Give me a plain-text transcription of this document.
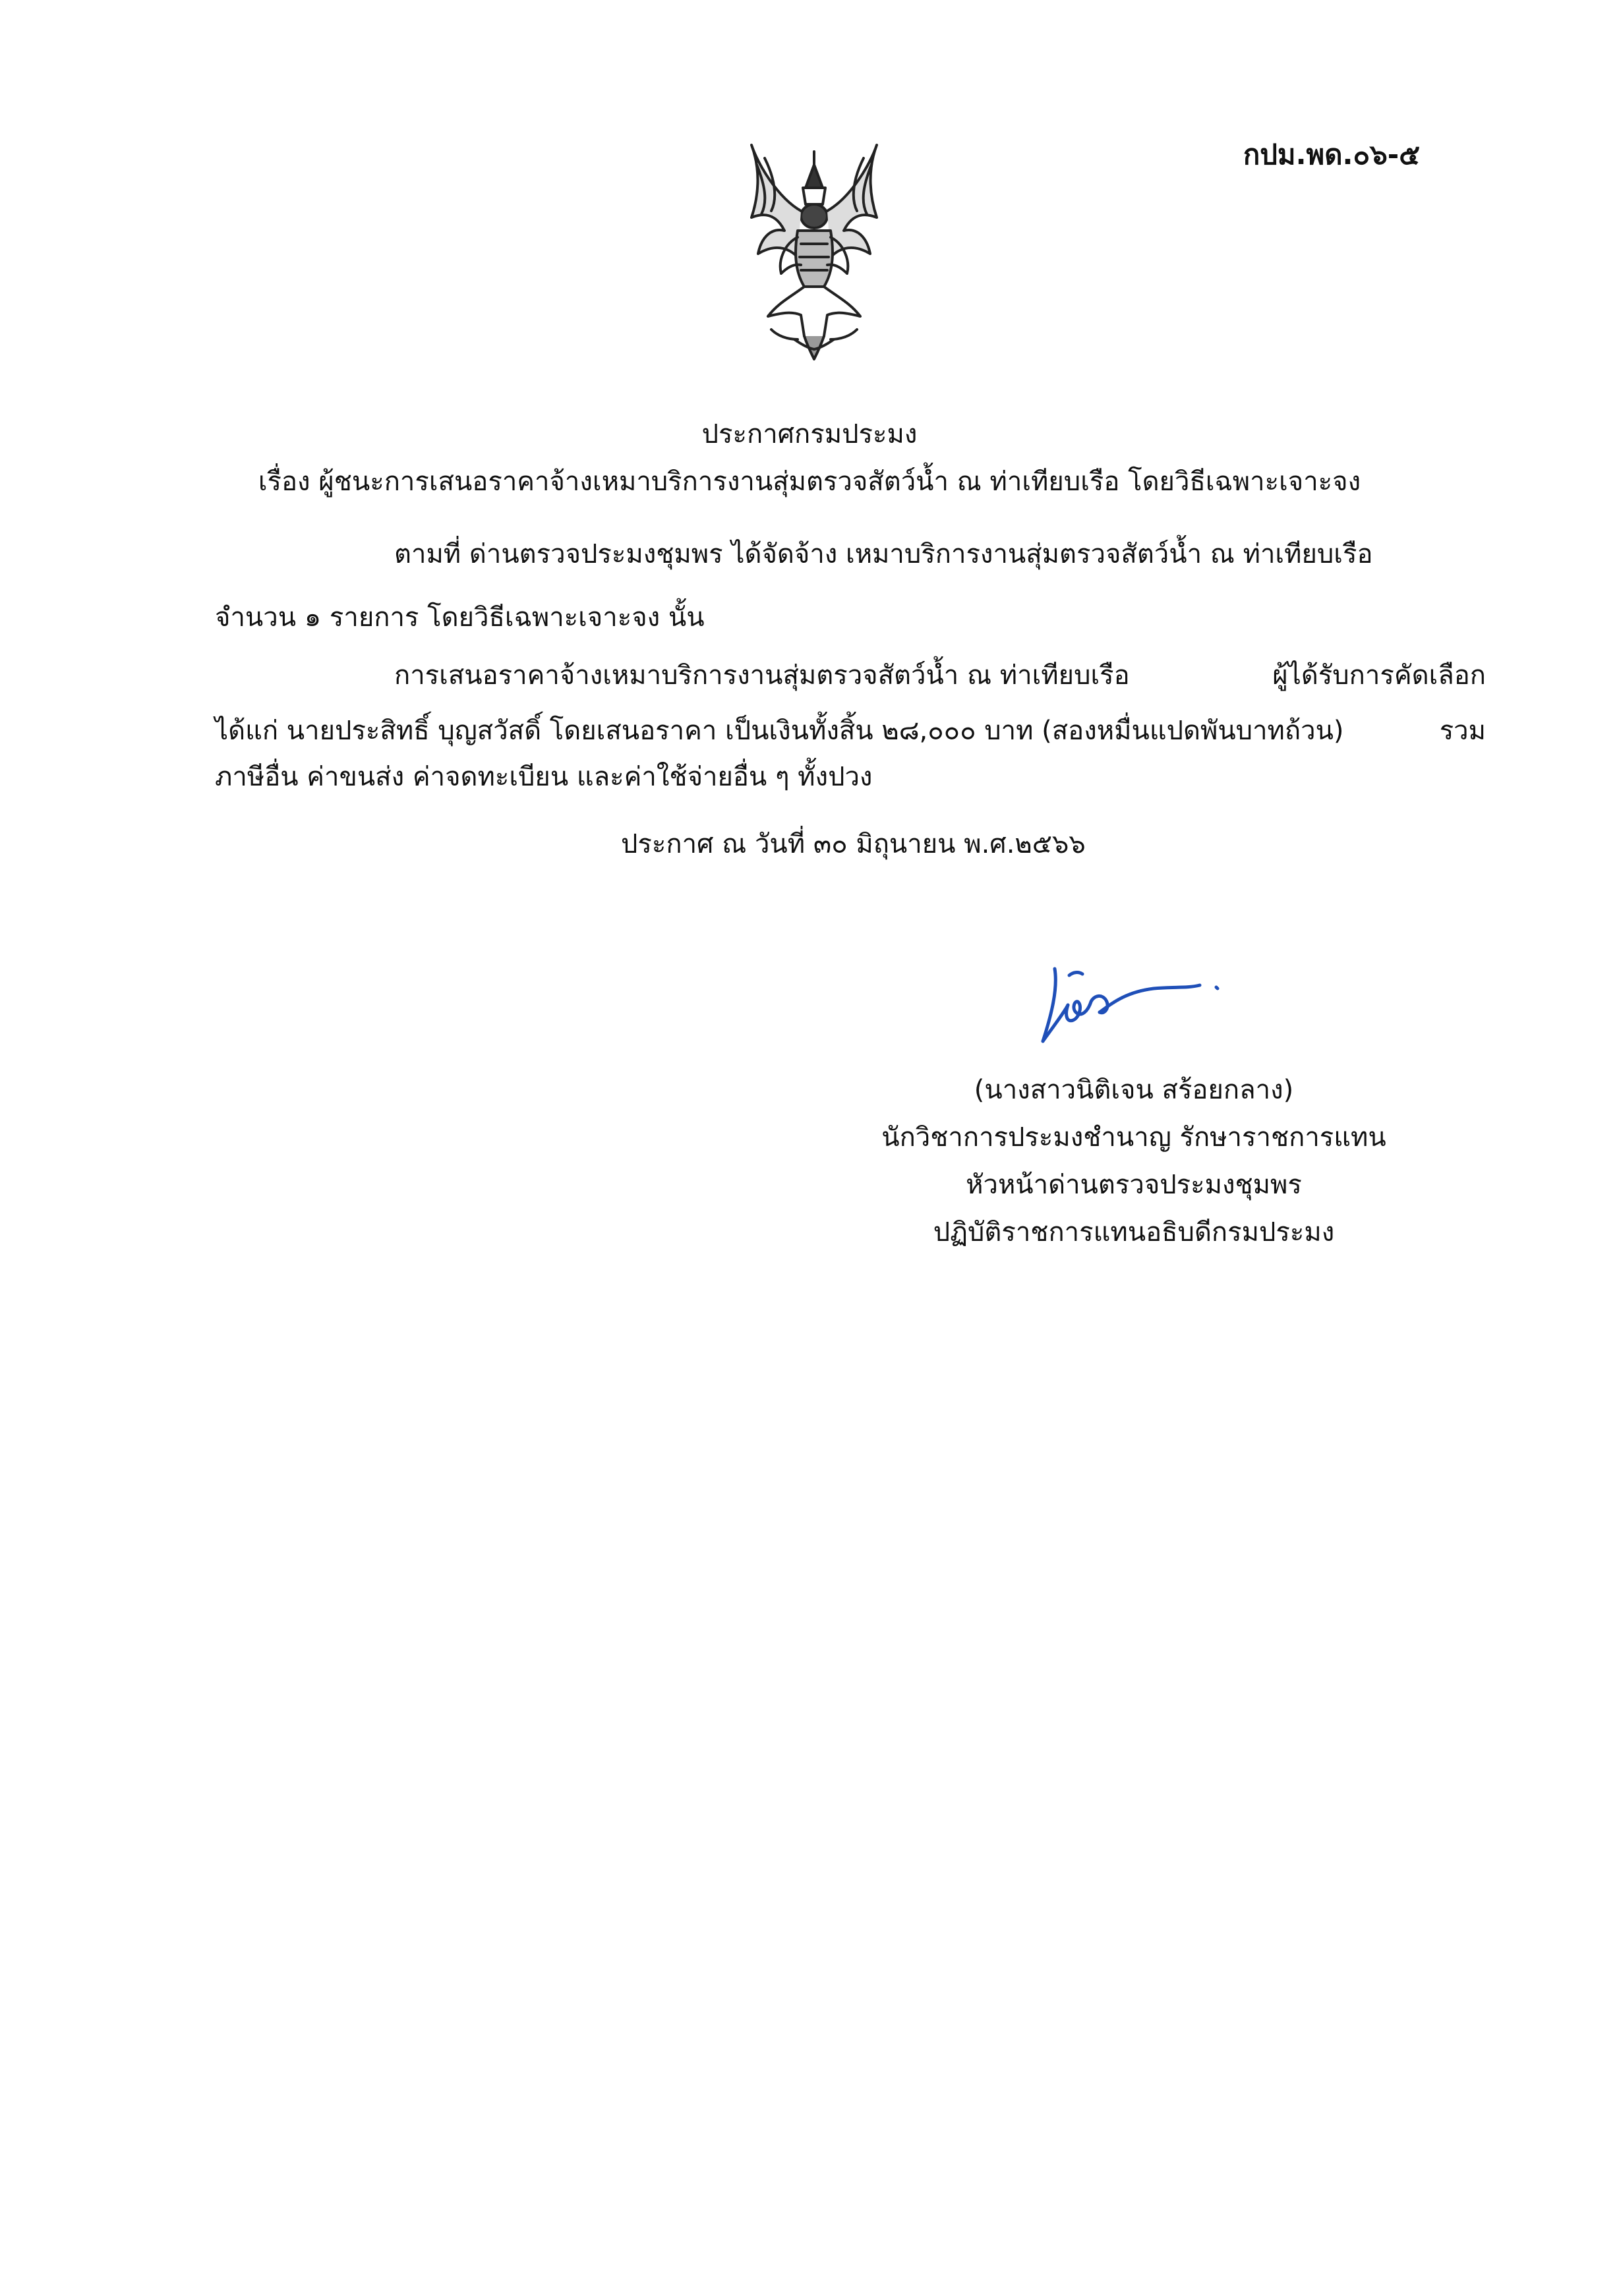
กปม.พด.๐๖-๕
ประกาศกรมประมง
เรื่อง ผู้ชนะการเสนอราคาจ้างเหมาบริการงานสุ่มตรวจสัตว์น้ำ ณ ท่าเทียบเรือ โดยวิธีเฉพาะเจาะจง
ตามที่ ด่านตรวจประมงชุมพร ได้จัดจ้าง เหมาบริการงานสุ่มตรวจสัตว์น้ำ ณ ท่าเทียบเรือ
จำนวน ๑ รายการ โดยวิธีเฉพาะเจาะจง นั้น
การเสนอราคาจ้างเหมาบริการงานสุ่มตรวจสัตว์น้ำ ณ ท่าเทียบเรือ	ผู้ได้รับการคัดเลือก
ได้แก่ นายประสิทธิ์ บุญสวัสดิ์ โดยเสนอราคา เป็นเงินทั้งสิ้น ๒๘,๐๐๐ บาท (สองหมื่นแปดพันบาทถ้วน)	รวม
ภาษีอื่น ค่าขนส่ง ค่าจดทะเบียน และค่าใช้จ่ายอื่น ๆ ทั้งปวง
ประกาศ ณ วันที่ ๓๐ มิถุนายน พ.ศ.๒๕๖๖
(นางสาวนิติเจน สร้อยกลาง)
นักวิชาการประมงชำนาญ รักษาราชการแทน
หัวหน้าด่านตรวจประมงชุมพร
ปฏิบัติราชการแทนอธิบดีกรมประมง
